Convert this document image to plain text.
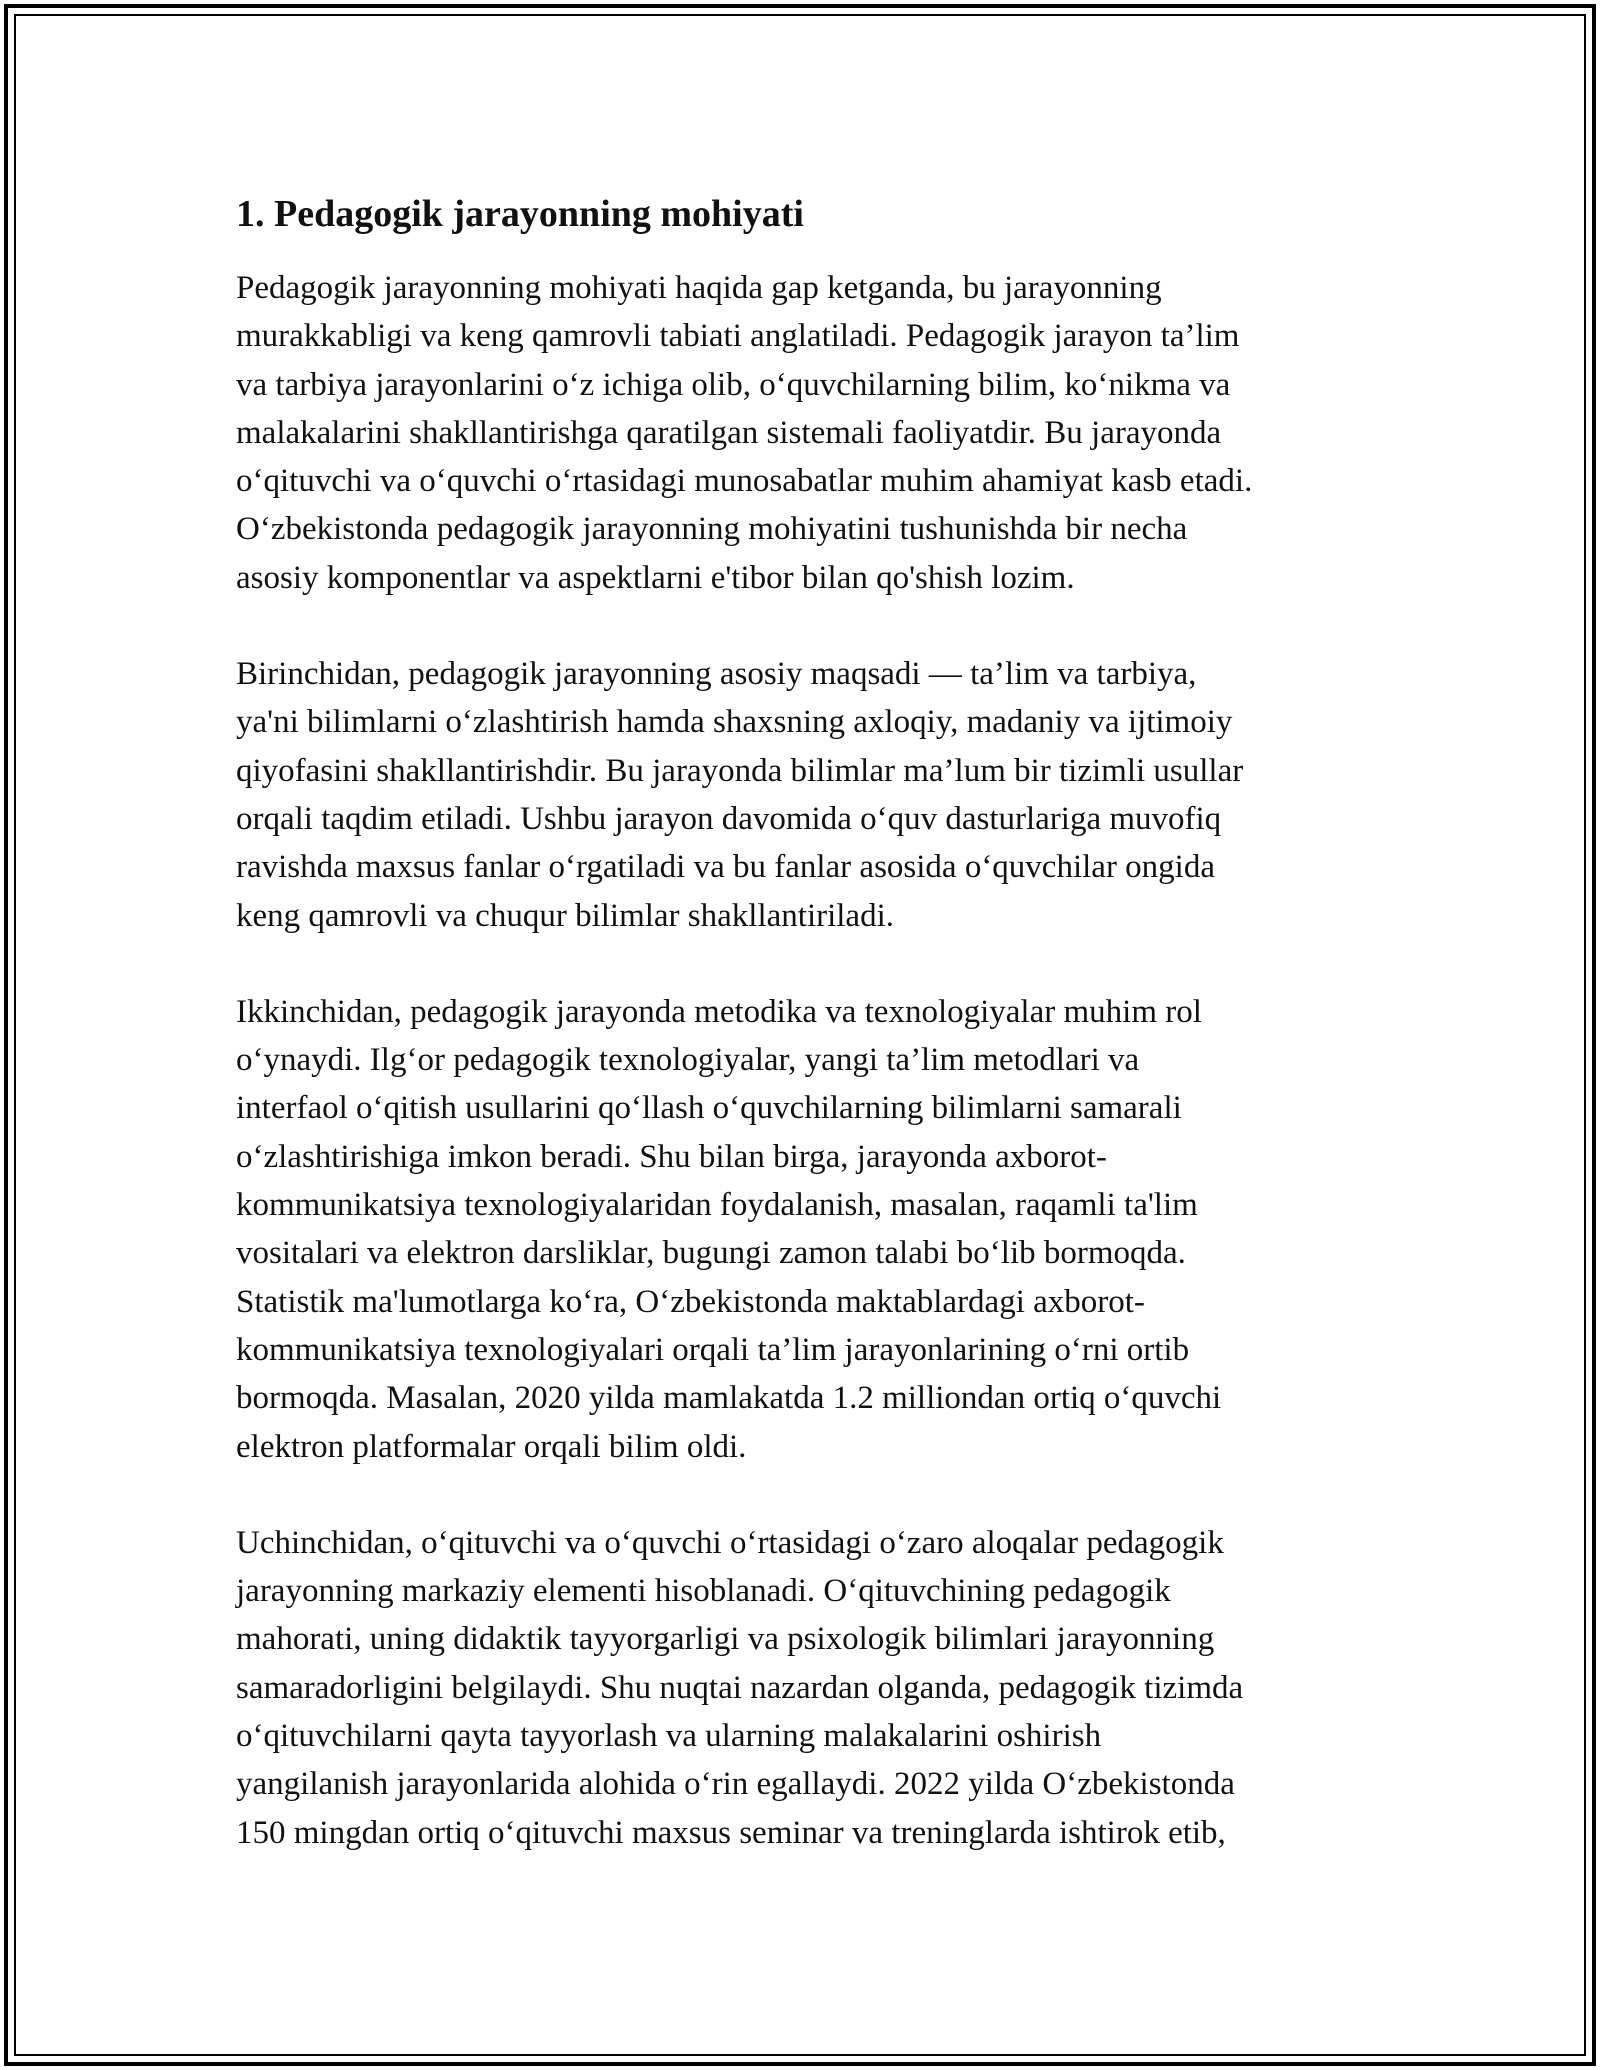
1. Pedagogik jarayonning mohiyati

Pedagogik jarayonning mohiyati haqida gap ketganda, bu jarayonning
murakkabligi va keng qamrovli tabiati anglatiladi. Pedagogik jarayon ta’lim
va tarbiya jarayonlarini o‘z ichiga olib, o‘quvchilarning bilim, ko‘nikma va
malakalarini shakllantirishga qaratilgan sistemali faoliyatdir. Bu jarayonda
o‘qituvchi va o‘quvchi o‘rtasidagi munosabatlar muhim ahamiyat kasb etadi.
O‘zbekistonda pedagogik jarayonning mohiyatini tushunishda bir necha
asosiy komponentlar va aspektlarni e'tibor bilan qo'shish lozim.

Birinchidan, pedagogik jarayonning asosiy maqsadi — ta’lim va tarbiya,
ya'ni bilimlarni o‘zlashtirish hamda shaxsning axloqiy, madaniy va ijtimoiy
qiyofasini shakllantirishdir. Bu jarayonda bilimlar ma’lum bir tizimli usullar
orqali taqdim etiladi. Ushbu jarayon davomida o‘quv dasturlariga muvofiq
ravishda maxsus fanlar o‘rgatiladi va bu fanlar asosida o‘quvchilar ongida
keng qamrovli va chuqur bilimlar shakllantiriladi.

Ikkinchidan, pedagogik jarayonda metodika va texnologiyalar muhim rol
o‘ynaydi. Ilg‘or pedagogik texnologiyalar, yangi ta’lim metodlari va
interfaol o‘qitish usullarini qo‘llash o‘quvchilarning bilimlarni samarali
o‘zlashtirishiga imkon beradi. Shu bilan birga, jarayonda axborot-
kommunikatsiya texnologiyalaridan foydalanish, masalan, raqamli ta'lim
vositalari va elektron darsliklar, bugungi zamon talabi bo‘lib bormoqda.
Statistik ma'lumotlarga ko‘ra, O‘zbekistonda maktablardagi axborot-
kommunikatsiya texnologiyalari orqali ta’lim jarayonlarining o‘rni ortib
bormoqda. Masalan, 2020 yilda mamlakatda 1.2 milliondan ortiq o‘quvchi
elektron platformalar orqali bilim oldi.

Uchinchidan, o‘qituvchi va o‘quvchi o‘rtasidagi o‘zaro aloqalar pedagogik
jarayonning markaziy elementi hisoblanadi. O‘qituvchining pedagogik
mahorati, uning didaktik tayyorgarligi va psixologik bilimlari jarayonning
samaradorligini belgilaydi. Shu nuqtai nazardan olganda, pedagogik tizimda
o‘qituvchilarni qayta tayyorlash va ularning malakalarini oshirish
yangilanish jarayonlarida alohida o‘rin egallaydi. 2022 yilda O‘zbekistonda
150 mingdan ortiq o‘qituvchi maxsus seminar va treninglarda ishtirok etib,
